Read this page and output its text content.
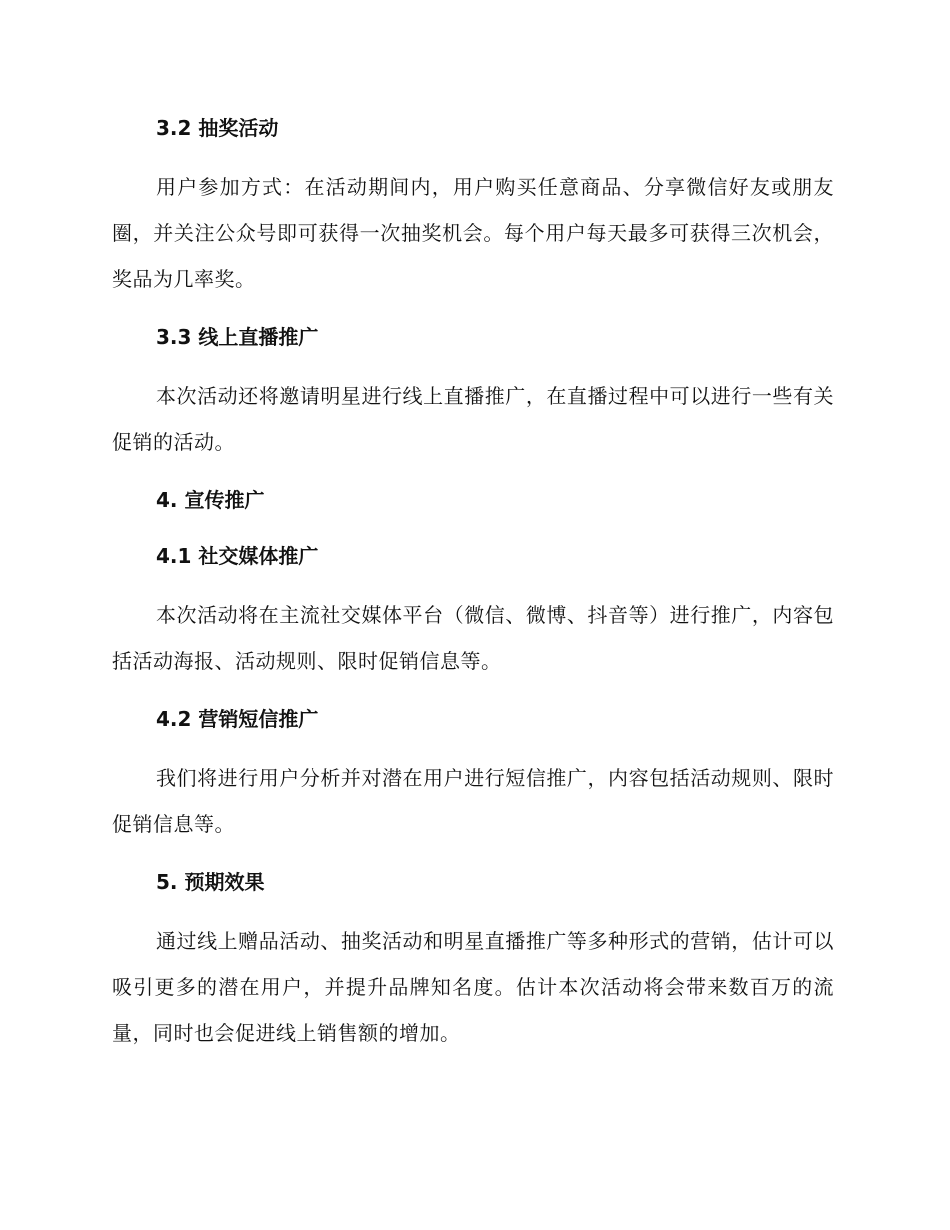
3.2 抽奖活动

用户参加方式：在活动期间内，用户购买任意商品、分享微信好友或朋友圈，并关注公众号即可获得一次抽奖机会。每个用户每天最多可获得三次机会，奖品为几率奖。

3.3 线上直播推广

本次活动还将邀请明星进行线上直播推广，在直播过程中可以进行一些有关促销的活动。

4. 宣传推广
4.1 社交媒体推广

本次活动将在主流社交媒体平台（微信、微博、抖音等）进行推广，内容包括活动海报、活动规则、限时促销信息等。

4.2 营销短信推广

我们将进行用户分析并对潜在用户进行短信推广，内容包括活动规则、限时促销信息等。

5. 预期效果

通过线上赠品活动、抽奖活动和明星直播推广等多种形式的营销，估计可以吸引更多的潜在用户，并提升品牌知名度。估计本次活动将会带来数百万的流量，同时也会促进线上销售额的增加。
